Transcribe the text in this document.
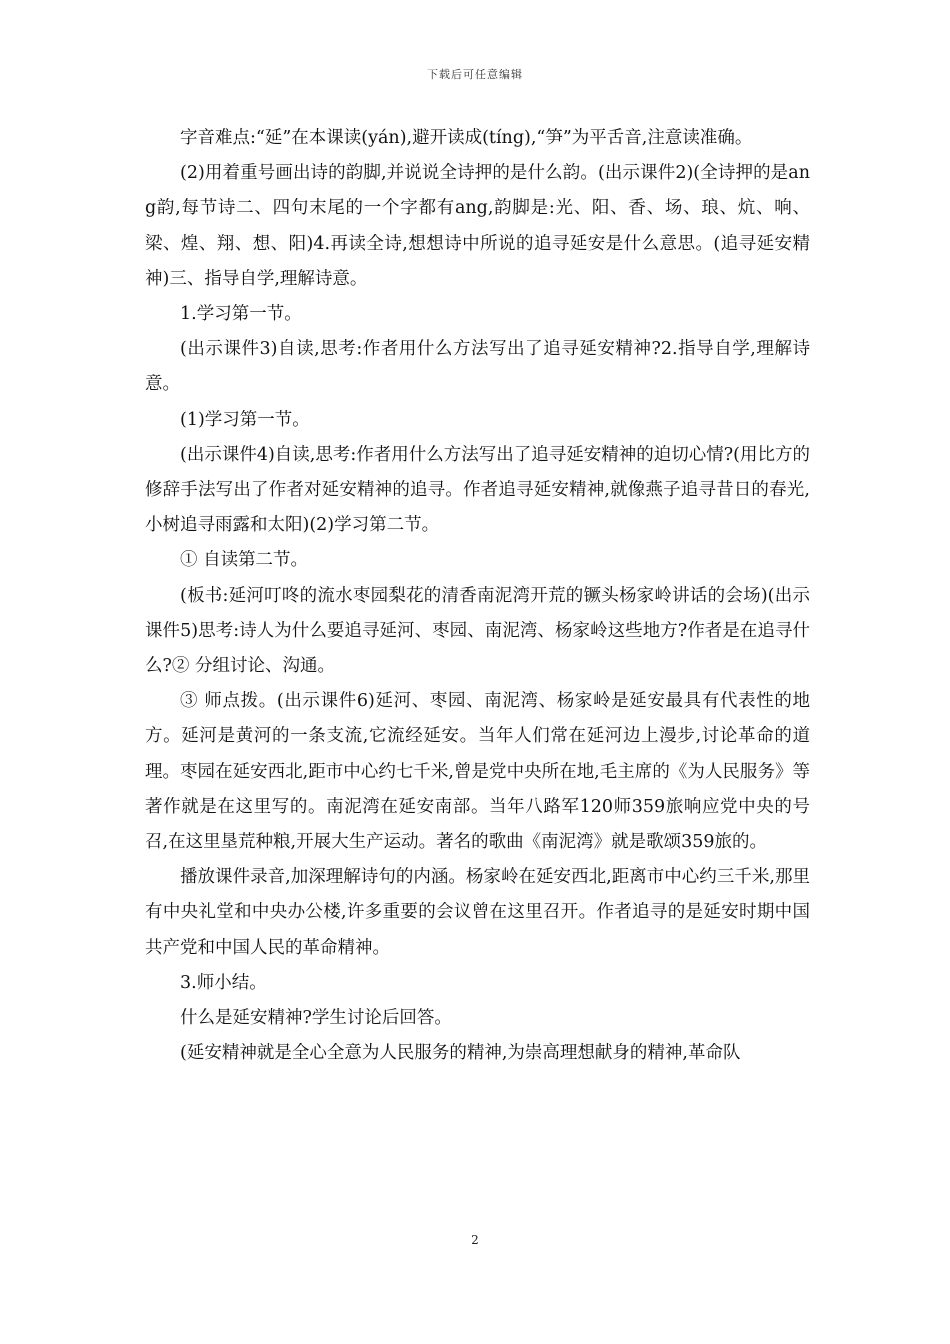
下载后可任意编辑

字音难点:“延”在本课读(yán),避开读成(tíng),“笋”为平舌音,注意读准确。

(2)用着重号画出诗的韵脚,并说说全诗押的是什么韵。(出示课件2)(全诗押的是ang韵,每节诗二、四句末尾的一个字都有ang,韵脚是:光、阳、香、场、琅、炕、响、梁、煌、翔、想、阳)4.再读全诗,想想诗中所说的追寻延安是什么意思。(追寻延安精神)三、指导自学,理解诗意。

1.学习第一节。

(出示课件3)自读,思考:作者用什么方法写出了追寻延安精神?2.指导自学,理解诗意。

(1)学习第一节。

(出示课件4)自读,思考:作者用什么方法写出了追寻延安精神的迫切心情?(用比方的修辞手法写出了作者对延安精神的追寻。作者追寻延安精神,就像燕子追寻昔日的春光,小树追寻雨露和太阳)(2)学习第二节。

① 自读第二节。

(板书:延河叮咚的流水枣园梨花的清香南泥湾开荒的镢头杨家岭讲话的会场)(出示课件5)思考:诗人为什么要追寻延河、枣园、南泥湾、杨家岭这些地方?作者是在追寻什么?② 分组讨论、沟通。

③ 师点拨。(出示课件6)延河、枣园、南泥湾、杨家岭是延安最具有代表性的地方。延河是黄河的一条支流,它流经延安。当年人们常在延河边上漫步,讨论革命的道理。枣园在延安西北,距市中心约七千米,曾是党中央所在地,毛主席的《为人民服务》等著作就是在这里写的。南泥湾在延安南部。当年八路军120师359旅响应党中央的号召,在这里垦荒种粮,开展大生产运动。著名的歌曲《南泥湾》就是歌颂359旅的。

播放课件录音,加深理解诗句的内涵。杨家岭在延安西北,距离市中心约三千米,那里有中央礼堂和中央办公楼,许多重要的会议曾在这里召开。作者追寻的是延安时期中国共产党和中国人民的革命精神。

3.师小结。

什么是延安精神?学生讨论后回答。

(延安精神就是全心全意为人民服务的精神,为崇高理想献身的精神,革命队

2
